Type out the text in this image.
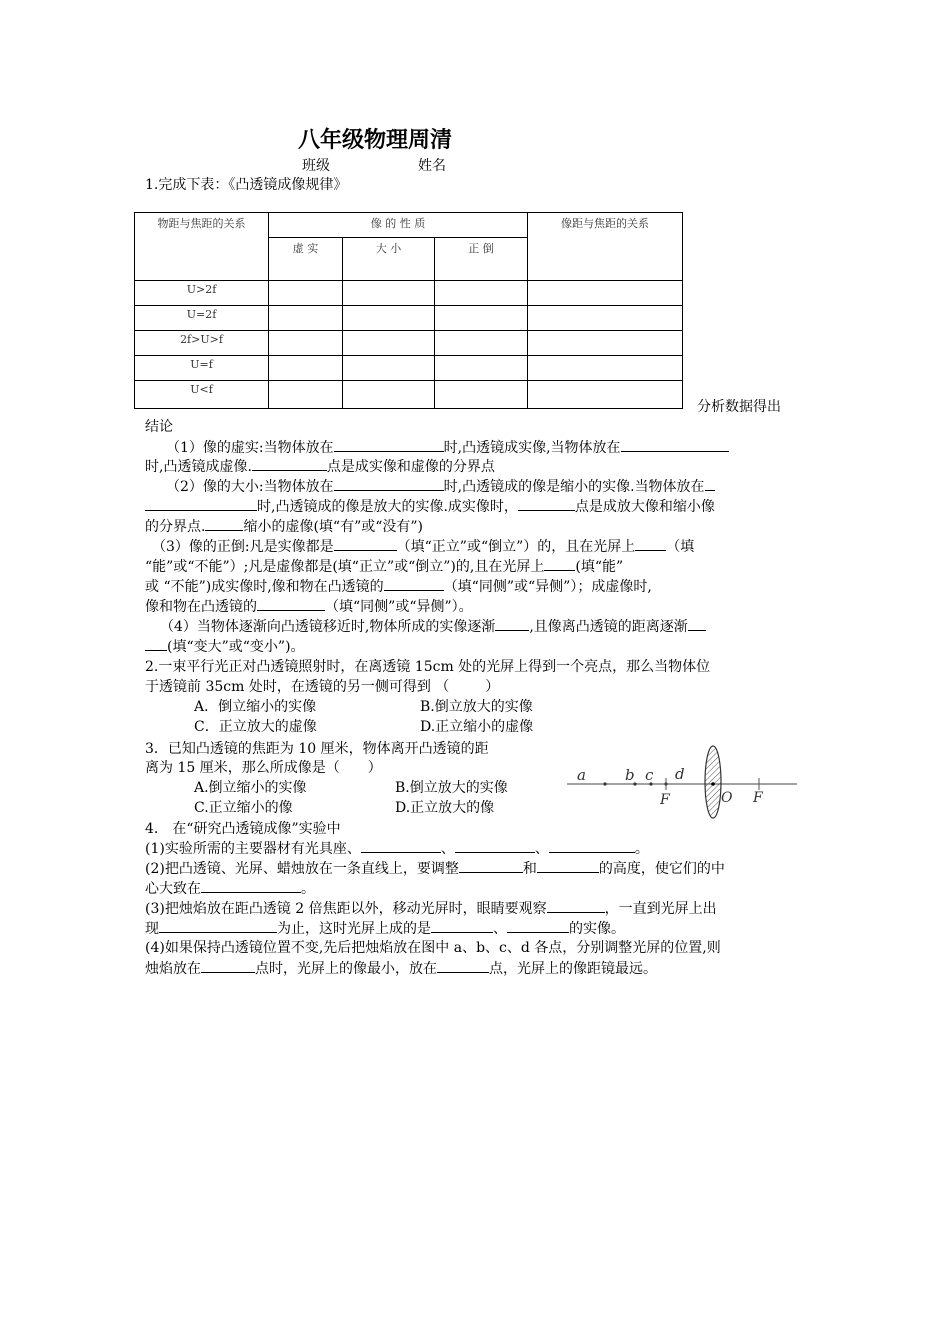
八年级物理周清
班级	姓名
1.完成下表：《凸透镜成像规律》
物距与焦距的关系	像 的 性 质			像距与焦距的关系
	虚 实	大 小	正 倒	
U>2f				
U=2f				
2f>U>f				
U=f				
U<f				
分析数据得出
结论
（1）像的虚实:当物体放在	时,凸透镜成实像,当物体放在
时,凸透镜成虚像.	点是成实像和虚像的分界点
（2）像的大小:当物体放在	时,凸透镜成的像是缩小的实像.当物体放在
时,凸透镜成的像是放大的实像.成实像时，	点是成放大像和缩小像
的分界点.	缩小的虚像(填“有”或“没有”)
（3）像的正倒:凡是实像都是	（填“正立”或“倒立”）的，且在光屏上 （填
“能”或“不能”）;凡是虚像都是(填“正立”或“倒立”)的,且在光屏上 (填“能”
或 “不能”)成实像时,像和物在凸透镜的	（填“同侧”或“异侧”）；成虚像时,
像和物在凸透镜的	（填“同侧”或“异侧”）。
（4）当物体逐渐向凸透镜移近时,物体所成的实像逐渐 ,且像离凸透镜的距离逐渐
(填“变大”或“变小”)。
2.一束平行光正对凸透镜照射时，在离透镜 15cm 处的光屏上得到一个亮点，那么当物体位
于透镜前 35cm 处时，在透镜的另一侧可得到 （	）
A．倒立缩小的实像	B.倒立放大的实像
C．正立放大的虚像	D.正立缩小的虚像
3．已知凸透镜的焦距为 10 厘米，物体离开凸透镜的距
离为 15 厘米，那么所成像是（ ）
A.倒立缩小的实像	B.倒立放大的实像
C.正立缩小的像	D.正立放大的像
a	b c d
F	O F
4.　在“研究凸透镜成像”实验中
(1)实验所需的主要器材有光具座、	、	、	。
(2)把凸透镜、光屏、蜡烛放在一条直线上，要调整	和	的高度，使它们的中
心大致在	。
(3)把烛焰放在距凸透镜 2 倍焦距以外，移动光屏时，眼睛要观察	，一直到光屏上出
现	为止，这时光屏上成的是	、	的实像。
(4)如果保持凸透镜位置不变,先后把烛焰放在图中 a、b、c、d 各点，分别调整光屏的位置,则
烛焰放在	点时，光屏上的像最小，放在	点，光屏上的像距镜最远。
